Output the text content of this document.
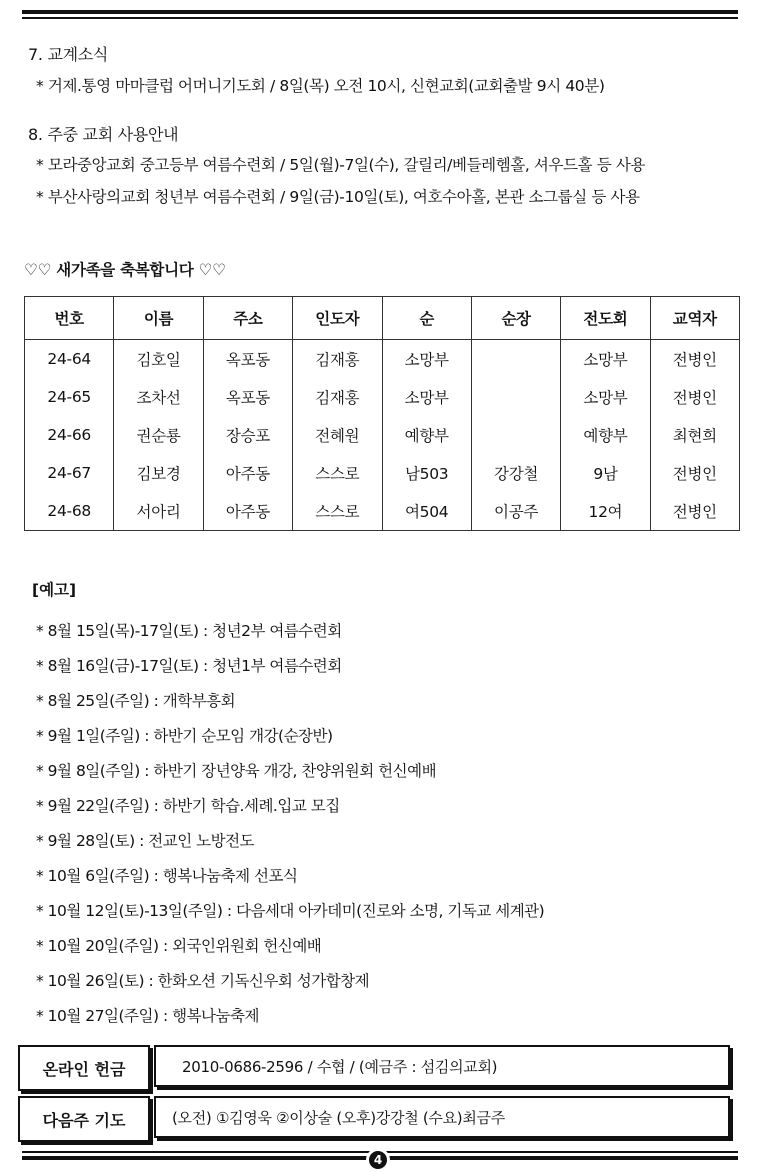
7. 교계소식
* 거제.통영 마마클럽 어머니기도회 / 8일(목) 오전 10시, 신현교회(교회출발 9시 40분)
8. 주중 교회 사용안내
* 모라중앙교회 중고등부 여름수련회 / 5일(월)-7일(수), 갈릴리/베들레헴홀, 셔우드홀 등 사용
* 부산사랑의교회 청년부 여름수련회 / 9일(금)-10일(토), 여호수아홀, 본관 소그룹실 등 사용
♡♡ 새가족을 축복합니다 ♡♡
번호	이름	주소	인도자	순	순장	전도회	교역자
24-64	김호일	옥포동	김재홍	소망부		소망부	전병인
24-65	조차선	옥포동	김재홍	소망부		소망부	전병인
24-66	권순룡	장승포	전혜원	예향부		예향부	최현희
24-67	김보경	아주동	스스로	남503	강강철	9남	전병인
24-68	서아리	아주동	스스로	여504	이공주	12여	전병인
[예고]
* 8월 15일(목)-17일(토) : 청년2부 여름수련회
* 8월 16일(금)-17일(토) : 청년1부 여름수련회
* 8월 25일(주일) : 개학부흥회
* 9월 1일(주일) : 하반기 순모임 개강(순장반)
* 9월 8일(주일) : 하반기 장년양육 개강, 찬양위원회 헌신예배
* 9월 22일(주일) : 하반기 학습.세례.입교 모집
* 9월 28일(토) : 전교인 노방전도
* 10월 6일(주일) : 행복나눔축제 선포식
* 10월 12일(토)-13일(주일) : 다음세대 아카데미(진로와 소명, 기독교 세계관)
* 10월 20일(주일) : 외국인위원회 헌신예배
* 10월 26일(토) : 한화오션 기독신우회 성가합창제
* 10월 27일(주일) : 행복나눔축제
온라인 헌금	2010-0686-2596 / 수협 / (예금주 : 섬김의교회)
다음주 기도	(오전) ①김영욱 ②이상술 (오후)강강철 (수요)최금주
4
